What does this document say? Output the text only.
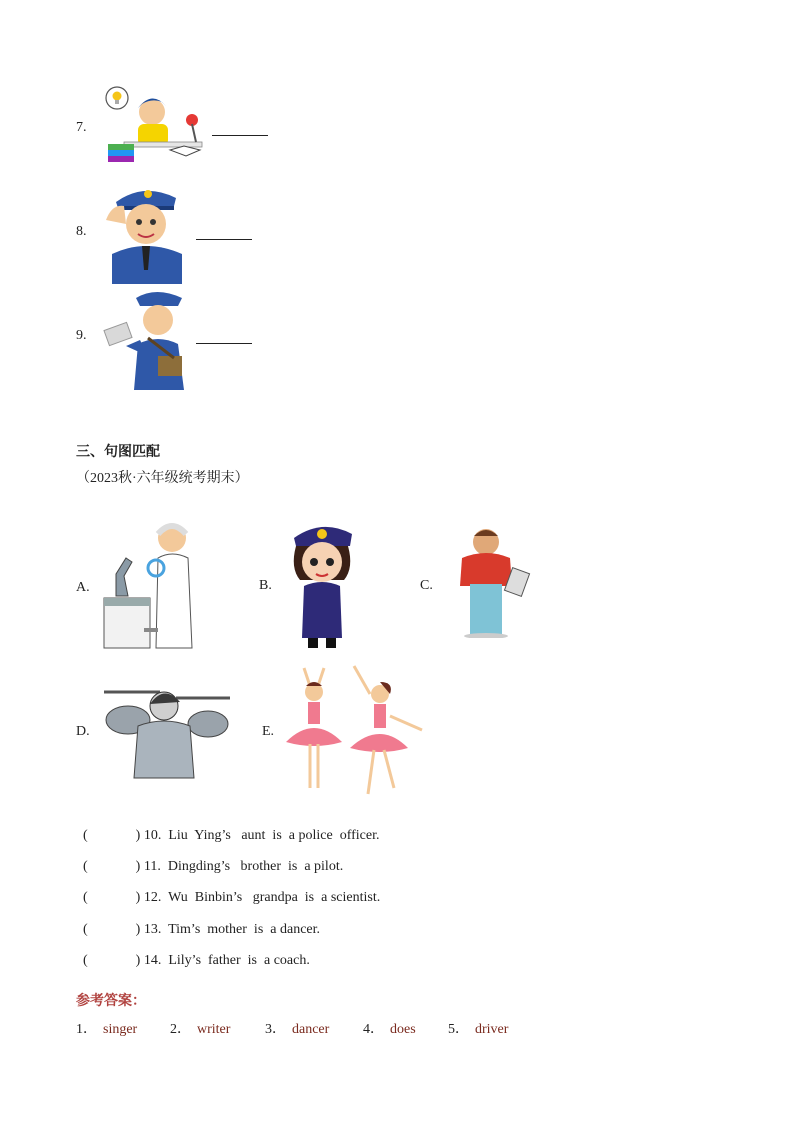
7.
8.
9.
三、句图匹配
（2023秋·六年级统考期末）
A.	B.	C.
D.	E.

(	) 10. Liu  Ying’s   aunt  is  a police  officer.

(	) 11. Dingding’s   brother  is  a pilot.

(	) 12. Wu  Binbin’s   grandpa  is  a scientist.

(	) 13. Tim’s  mother  is  a dancer.

(	) 14. Lily’s  father  is  a coach.

参考答案：
1． singer 2． writer 3． dancer 4． does 5． driver
